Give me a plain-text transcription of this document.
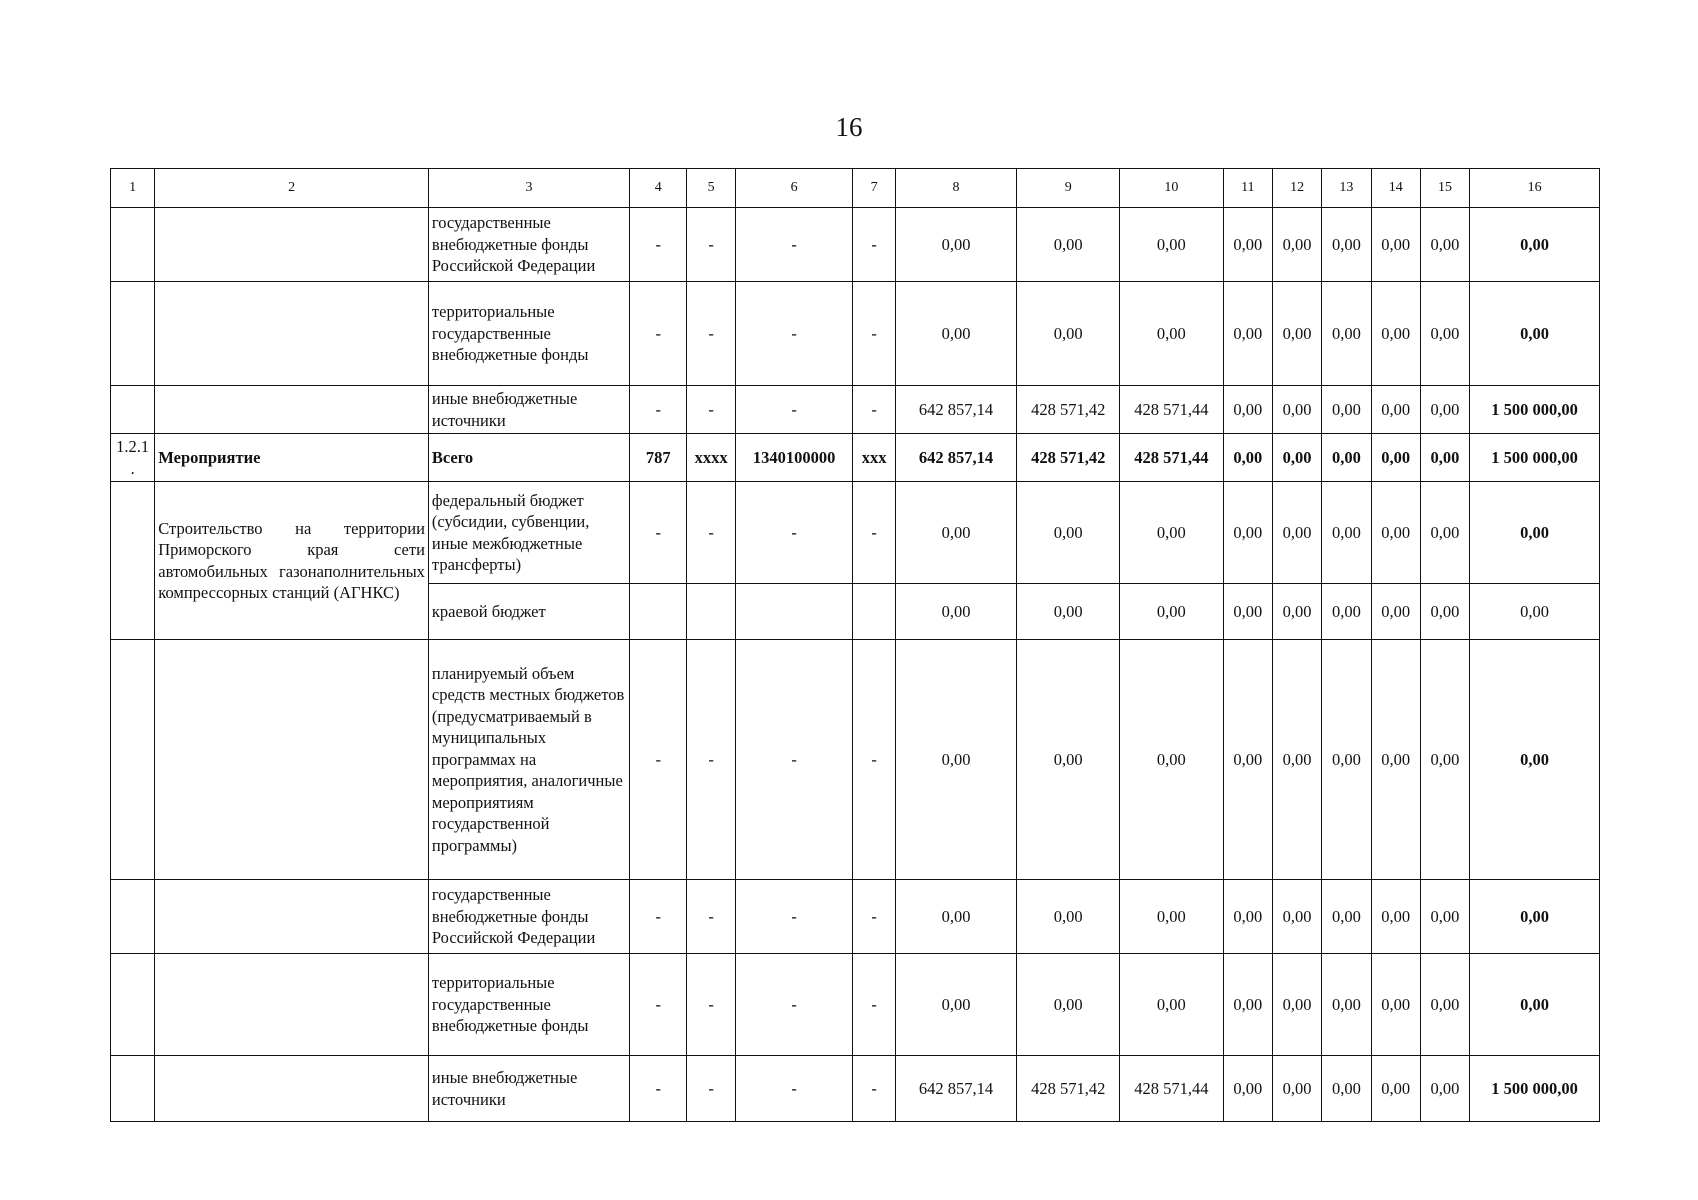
16
1	2	3	4	5	6	7	8	9	10	11	12	13	14	15	16
		государственные внебюджетные фонды Российской Федерации	-	-	-	-	0,00	0,00	0,00	0,00	0,00	0,00	0,00	0,00	0,00
		территориальные государственные внебюджетные фонды	-	-	-	-	0,00	0,00	0,00	0,00	0,00	0,00	0,00	0,00	0,00
		иные внебюджетные источники	-	-	-	-	642 857,14	428 571,42	428 571,44	0,00	0,00	0,00	0,00	0,00	1 500 000,00
1.2.1 .	Мероприятие	Всего	787	хххх	1340100000	ххх	642 857,14	428 571,42	428 571,44	0,00	0,00	0,00	0,00	0,00	1 500 000,00
	Строительство на территории Приморского края сети автомобильных газонаполнительных компрессорных станций (АГНКС)	федеральный бюджет (субсидии, субвенции, иные межбюджетные трансферты)	-	-	-	-	0,00	0,00	0,00	0,00	0,00	0,00	0,00	0,00	0,00
		краевой бюджет					0,00	0,00	0,00	0,00	0,00	0,00	0,00	0,00	0,00
		планируемый объем средств местных бюджетов (предусматриваемый в муниципальных программах на мероприятия, аналогичные мероприятиям государственной программы)	-	-	-	-	0,00	0,00	0,00	0,00	0,00	0,00	0,00	0,00	0,00
		государственные внебюджетные фонды Российской Федерации	-	-	-	-	0,00	0,00	0,00	0,00	0,00	0,00	0,00	0,00	0,00
		территориальные государственные внебюджетные фонды	-	-	-	-	0,00	0,00	0,00	0,00	0,00	0,00	0,00	0,00	0,00
		иные внебюджетные источники	-	-	-	-	642 857,14	428 571,42	428 571,44	0,00	0,00	0,00	0,00	0,00	1 500 000,00
